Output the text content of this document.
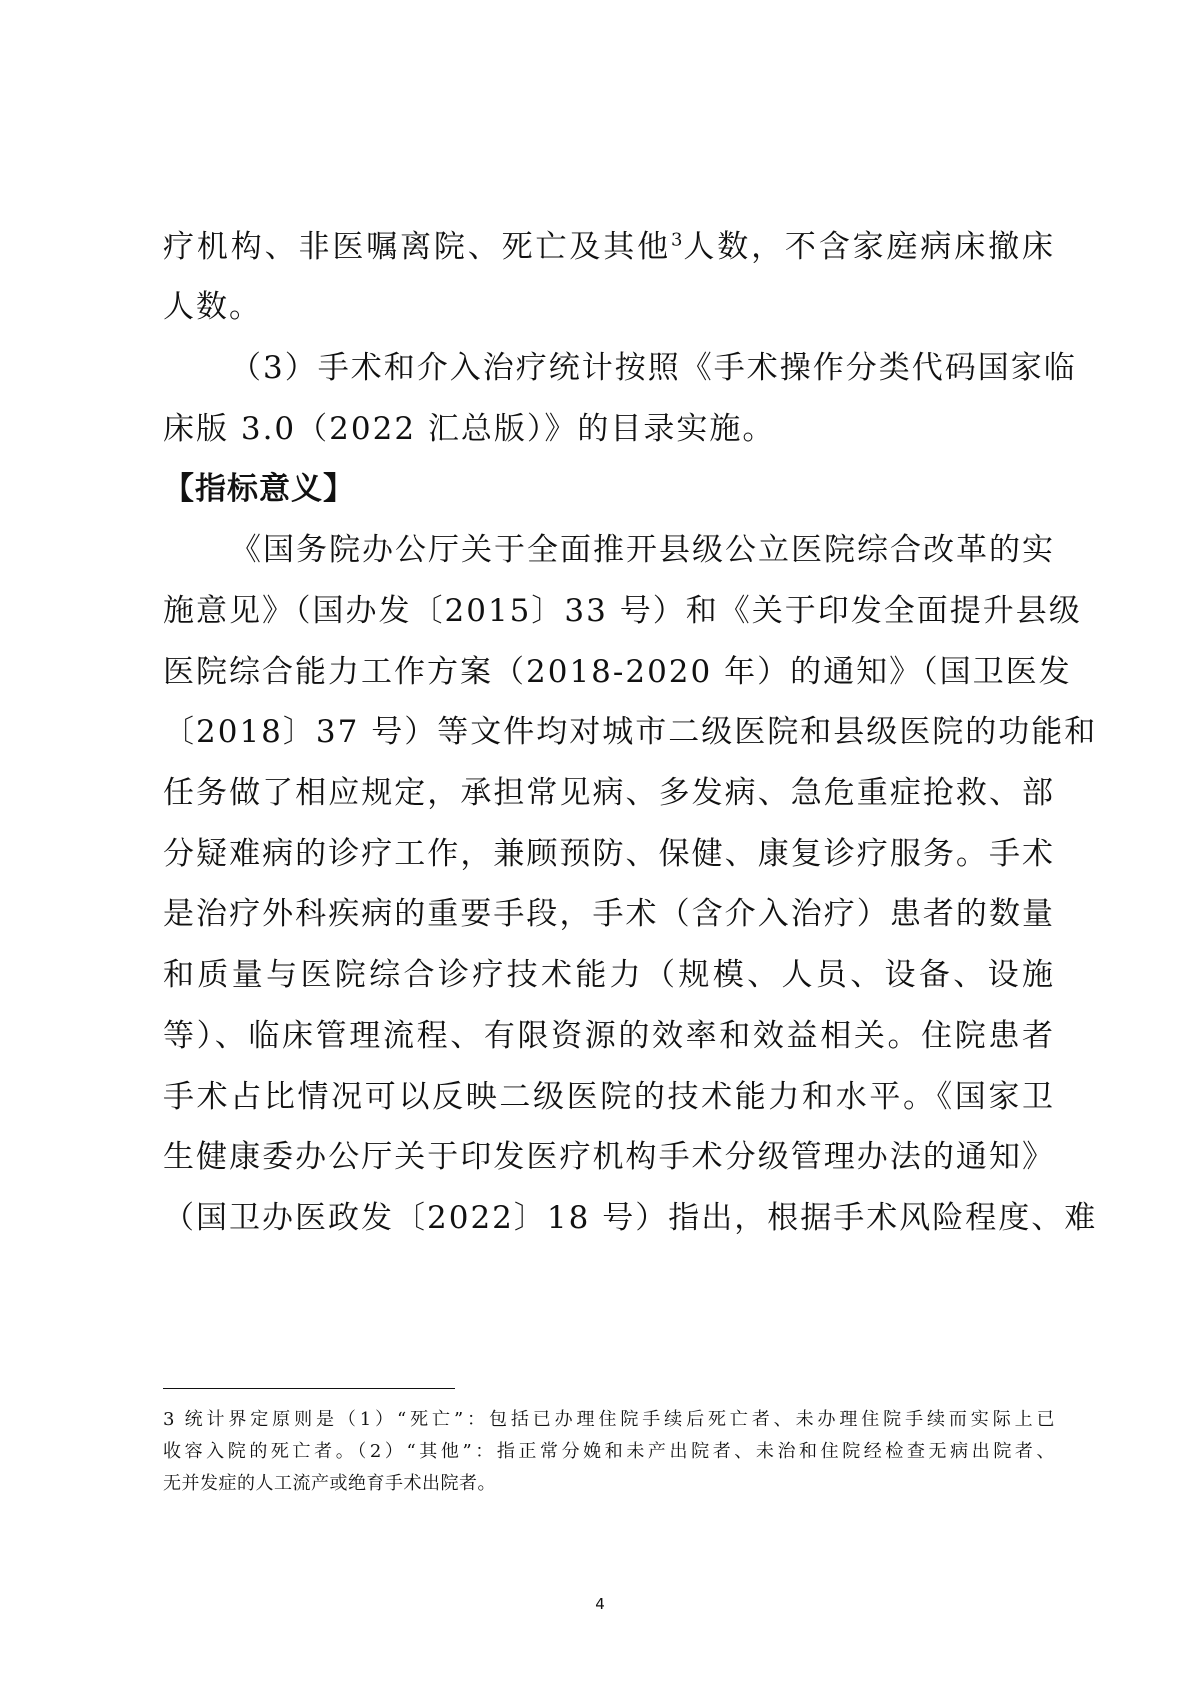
疗机构、非医嘱离院、死亡及其他$^3$人数，不含家庭病床撤床
人数。
（3）手术和介入治疗统计按照《手术操作分类代码国家临
床版 3.0（2022 汇总版）》的目录实施。
【指标意义】
《国务院办公厅关于全面推开县级公立医院综合改革的实
施意见》（国办发〔2015〕33 号）和《关于印发全面提升县级
医院综合能力工作方案（2018-2020 年）的通知》（国卫医发
〔2018〕37 号）等文件均对城市二级医院和县级医院的功能和
任务做了相应规定，承担常见病、多发病、急危重症抢救、部
分疑难病的诊疗工作，兼顾预防、保健、康复诊疗服务。手术
是治疗外科疾病的重要手段，手术（含介入治疗）患者的数量
和质量与医院综合诊疗技术能力（规模、人员、设备、设施
等）、临床管理流程、有限资源的效率和效益相关。住院患者
手术占比情况可以反映二级医院的技术能力和水平。《国家卫
生健康委办公厅关于印发医疗机构手术分级管理办法的通知》
（国卫办医政发〔2022〕18 号）指出，根据手术风险程度、难
3 统计界定原则是（1）“死亡”：包括已办理住院手续后死亡者、未办理住院手续而实际上已
收容入院的死亡者。（2）“其他”：指正常分娩和未产出院者、未治和住院经检查无病出院者、
无并发症的人工流产或绝育手术出院者。
4
